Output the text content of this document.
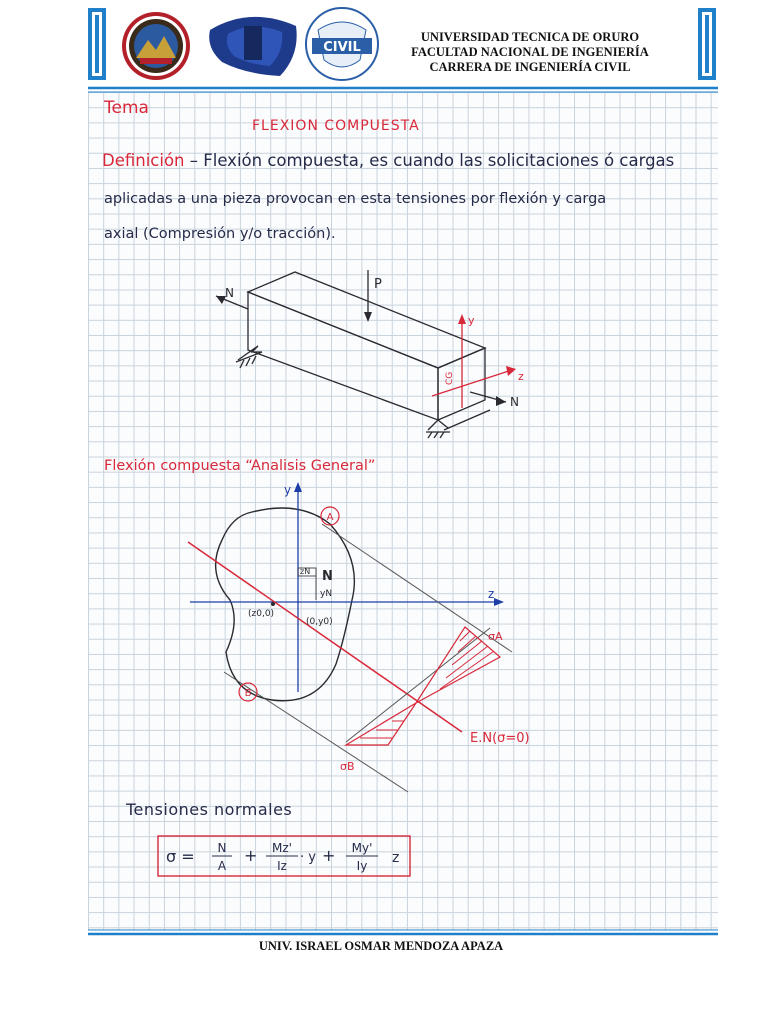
CIVIL
UNIVERSIDAD TECNICA DE ORURO
FACULTAD NACIONAL DE INGENIERÍA
CARRERA DE INGENIERÍA CIVIL
Tema
FLEXION COMPUESTA
Definición – Flexión compuesta, es cuando las solicitaciones ó cargas
aplicadas a una pieza provocan en esta tensiones por flexión y carga
axial (Compresión y/o tracción).
P
N
N
y
z
CG
Flexión compuesta “Analisis General”
y
z
zN N
yN
(z0,0)
(0,y0)
A
B
σA
σB
E.N(σ=0)
Tensiones normales
σ = N
A
+ Mz'
Iz
· y + My'
Iy z
UNIV. ISRAEL OSMAR MENDOZA APAZA
